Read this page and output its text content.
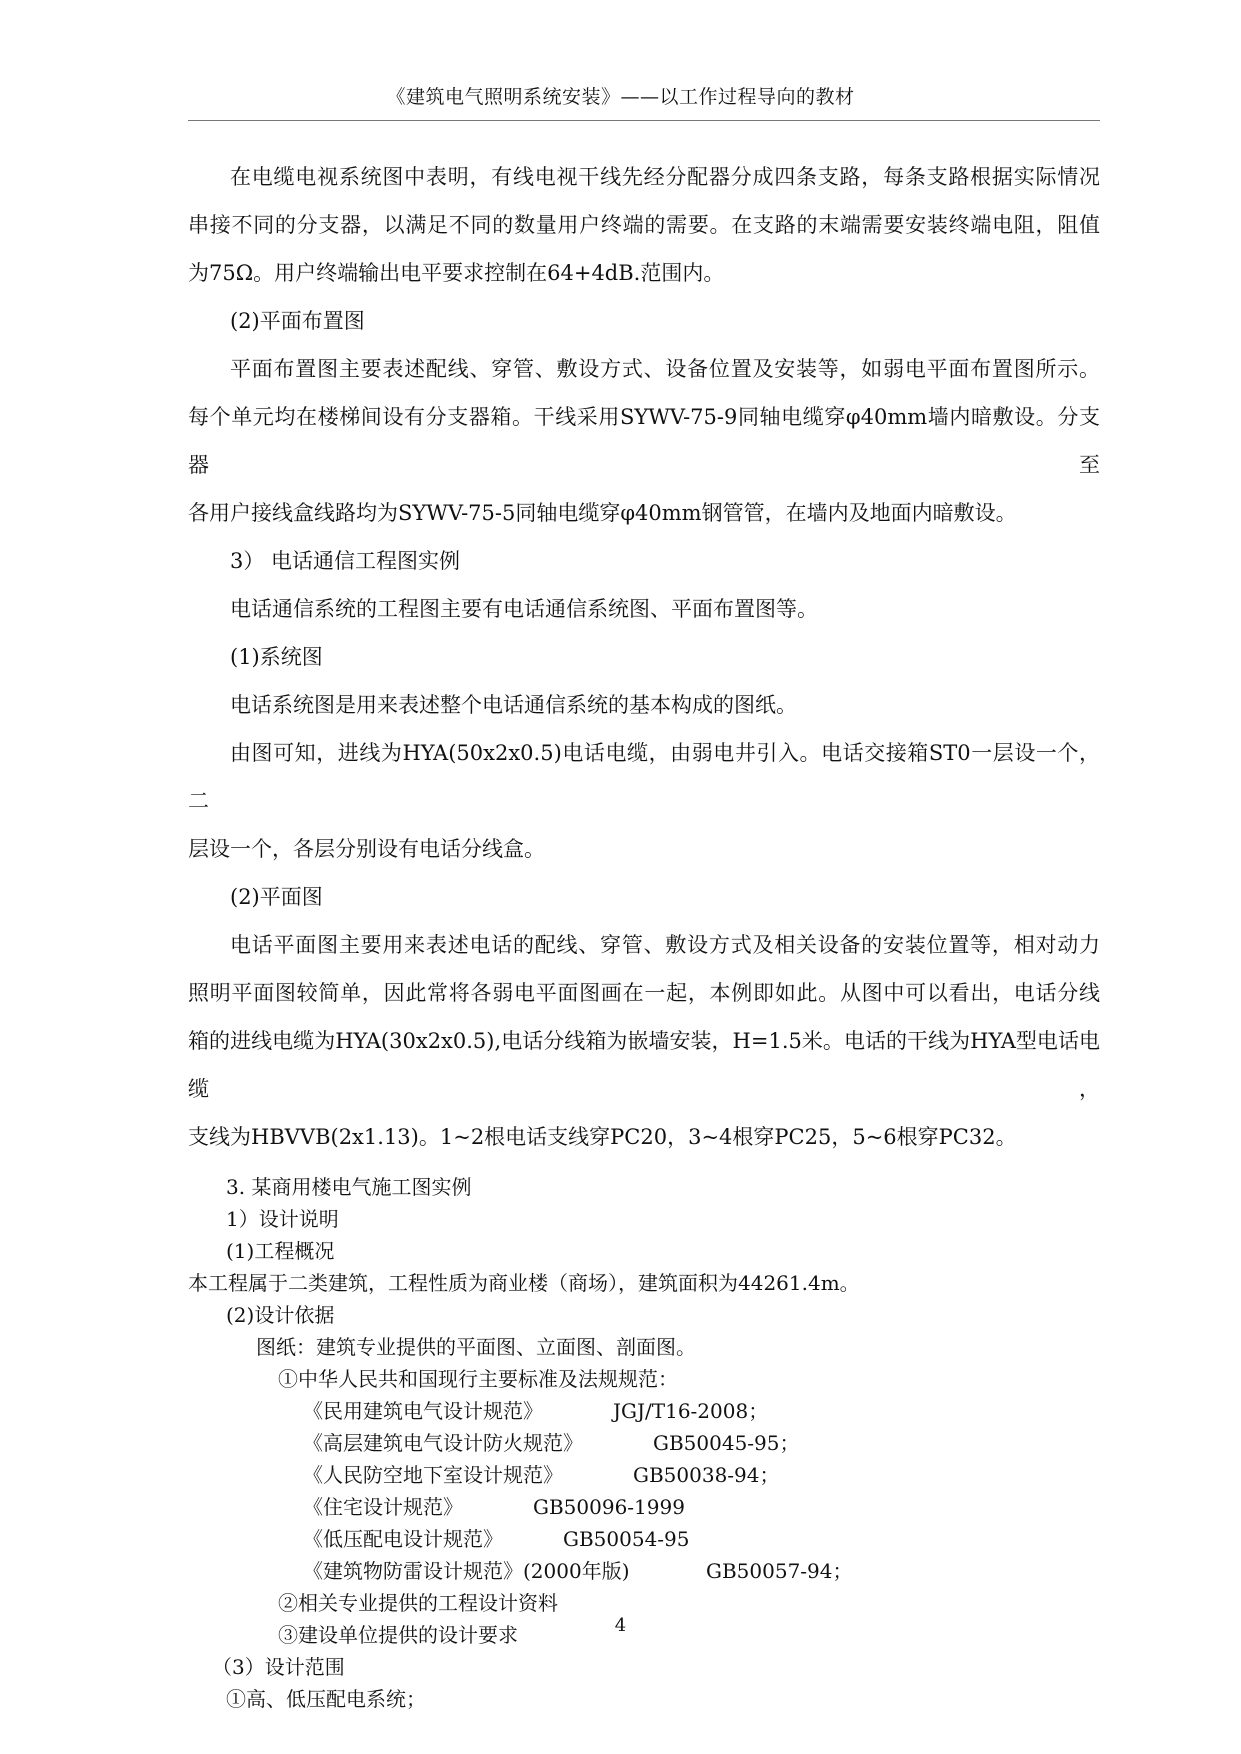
《建筑电气照明系统安装》——以工作过程导向的教材

在电缆电视系统图中表明，有线电视干线先经分配器分成四条支路，每条支路根据实际情况

串接不同的分支器，以满足不同的数量用户终端的需要。在支路的末端需要安装终端电阻，阻值

为75Ω。用户终端输出电平要求控制在64+4dB.范围内。

(2)平面布置图

平面布置图主要表述配线、穿管、敷设方式、设备位置及安装等，如弱电平面布置图所示。

每个单元均在楼梯间设有分支器箱。干线采用SYWV-75-9同轴电缆穿φ40mm墙内暗敷设。分支器至

各用户接线盒线路均为SYWV-75-5同轴电缆穿φ40mm钢管管，在墙内及地面内暗敷设。

3） 电话通信工程图实例

电话通信系统的工程图主要有电话通信系统图、平面布置图等。

(1)系统图

电话系统图是用来表述整个电话通信系统的基本构成的图纸。

由图可知，进线为HYA(50x2x0.5)电话电缆，由弱电井引入。电话交接箱ST0一层设一个，二

层设一个，各层分别设有电话分线盒。

(2)平面图

电话平面图主要用来表述电话的配线、穿管、敷设方式及相关设备的安装位置等，相对动力

照明平面图较简单，因此常将各弱电平面图画在一起，本例即如此。从图中可以看出，电话分线

箱的进线电缆为HYA(30x2x0.5),电话分线箱为嵌墙安装，H=1.5米。电话的干线为HYA型电话电缆，

支线为HBVVB(2x1.13)。1~2根电话支线穿PC20，3~4根穿PC25，5~6根穿PC32。

3. 某商用楼电气施工图实例

1）设计说明

(1)工程概况

本工程属于二类建筑，工程性质为商业楼（商场），建筑面积为44261.4m。

(2)设计依据

图纸：建筑专业提供的平面图、立面图、剖面图。

①中华人民共和国现行主要标准及法规规范：

《民用建筑电气设计规范》	JGJ/T16-2008；
《高层建筑电气设计防火规范》	GB50045-95；
《人民防空地下室设计规范》	GB50038-94；
《住宅设计规范》	GB50096-1999
《低压配电设计规范》	GB50054-95
《建筑物防雷设计规范》(2000年版)	GB50057-94；

②相关专业提供的工程设计资料

③建设单位提供的设计要求

（3）设计范围

①高、低压配电系统；

4
